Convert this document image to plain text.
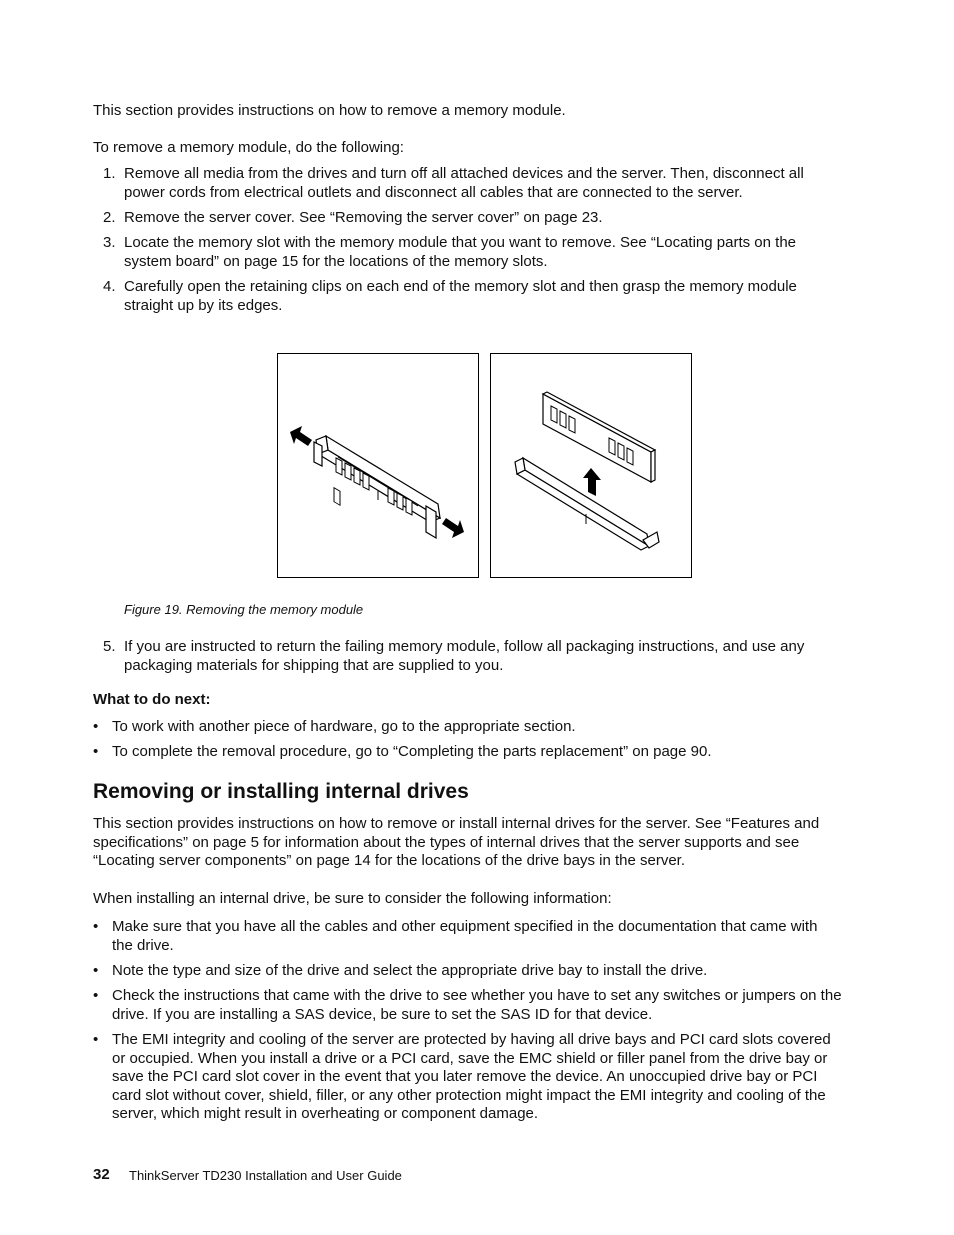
This section provides instructions on how to remove a memory module.

To remove a memory module, do the following:

1. Remove all media from the drives and turn off all attached devices and the server. Then, disconnect all power cords from electrical outlets and disconnect all cables that are connected to the server.
2. Remove the server cover. See “Removing the server cover” on page 23.
3. Locate the memory slot with the memory module that you want to remove. See “Locating parts on the system board” on page 15 for the locations of the memory slots.
4. Carefully open the retaining clips on each end of the memory slot and then grasp the memory module straight up by its edges.
Figure 19. Removing the memory module
5. If you are instructed to return the failing memory module, follow all packaging instructions, and use any packaging materials for shipping that are supplied to you.
What to do next:
• To work with another piece of hardware, go to the appropriate section.
• To complete the removal procedure, go to “Completing the parts replacement” on page 90.
Removing or installing internal drives

This section provides instructions on how to remove or install internal drives for the server. See “Features and specifications” on page 5 for information about the types of internal drives that the server supports and see “Locating server components” on page 14 for the locations of the drive bays in the server.

When installing an internal drive, be sure to consider the following information:

• Make sure that you have all the cables and other equipment specified in the documentation that came with the drive.
• Note the type and size of the drive and select the appropriate drive bay to install the drive.
• Check the instructions that came with the drive to see whether you have to set any switches or jumpers on the drive. If you are installing a SAS device, be sure to set the SAS ID for that device.
• The EMI integrity and cooling of the server are protected by having all drive bays and PCI card slots covered or occupied. When you install a drive or a PCI card, save the EMC shield or filler panel from the drive bay or save the PCI card slot cover in the event that you later remove the device. An unoccupied drive bay or PCI card slot without cover, shield, filler, or any other protection might impact the EMI integrity and cooling of the server, which might result in overheating or component damage.
32 ThinkServer TD230 Installation and User Guide
